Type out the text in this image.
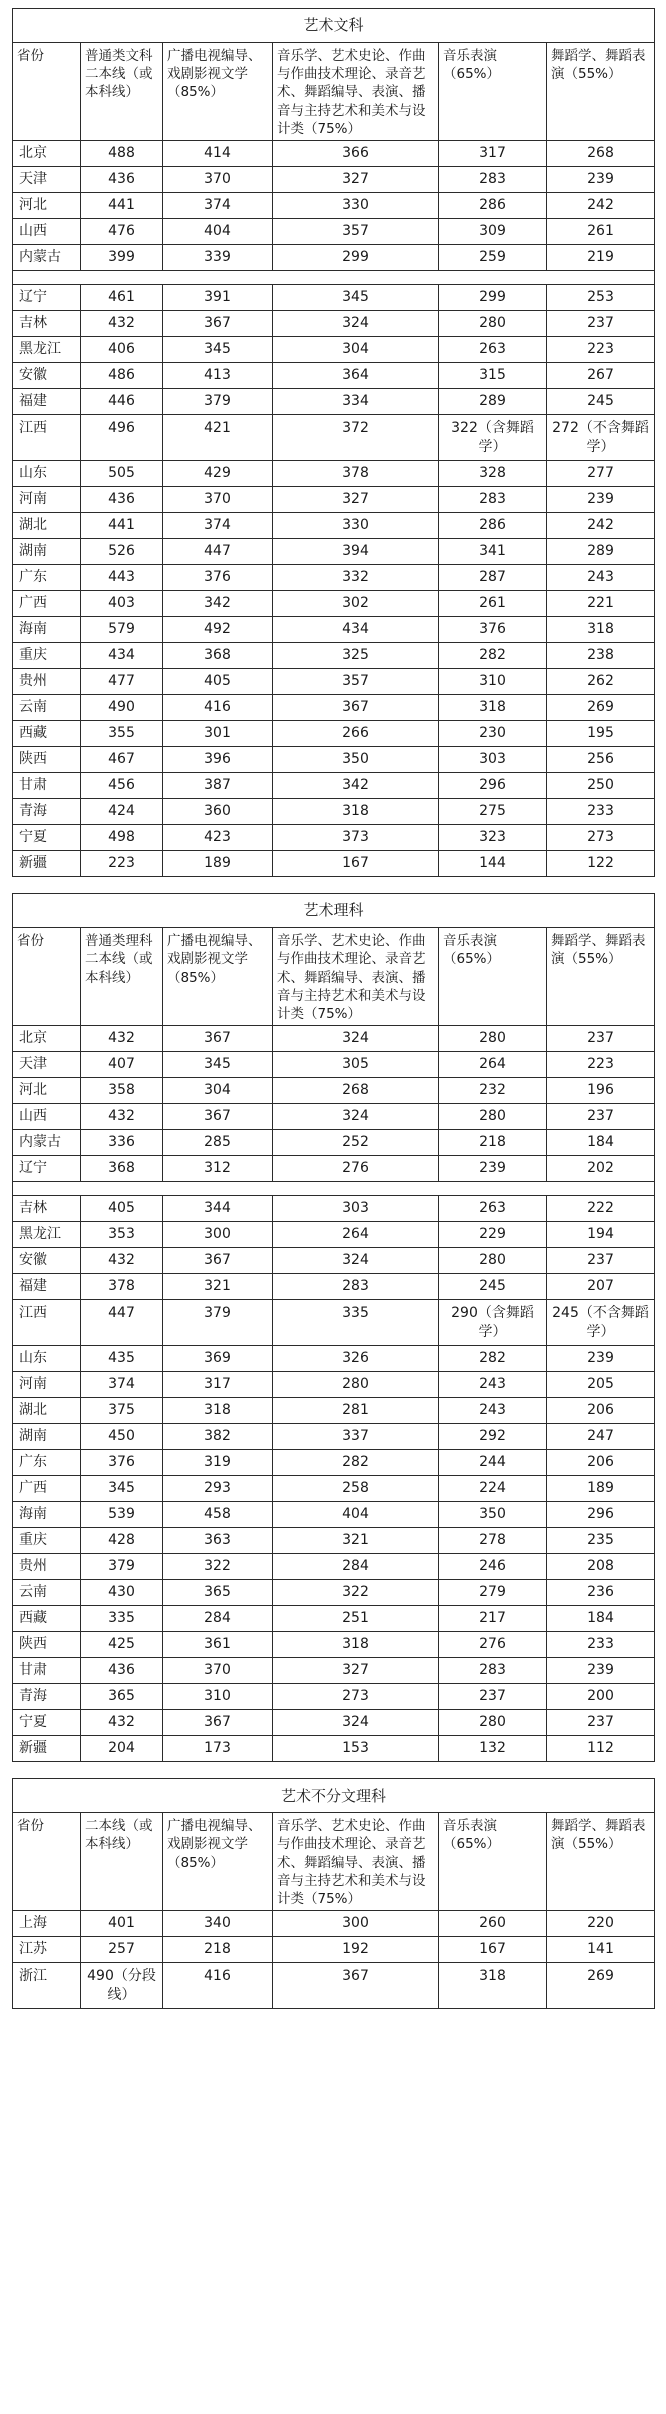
艺术文科					
省份	普通类文科二本线（或本科线）	广播电视编导、戏剧影视文学（85%）	音乐学、艺术史论、作曲与作曲技术理论、录音艺术、舞蹈编导、表演、播音与主持艺术和美术与设计类（75%）	音乐表演（65%）	舞蹈学、舞蹈表演（55%）
北京	488	414	366	317	268
天津	436	370	327	283	239
河北	441	374	330	286	242
山西	476	404	357	309	261
内蒙古	399	339	299	259	219

辽宁	461	391	345	299	253
吉林	432	367	324	280	237
黑龙江	406	345	304	263	223
安徽	486	413	364	315	267
福建	446	379	334	289	245
江西	496	421	372	322（含舞蹈学）	272（不含舞蹈学）
山东	505	429	378	328	277
河南	436	370	327	283	239
湖北	441	374	330	286	242
湖南	526	447	394	341	289
广东	443	376	332	287	243
广西	403	342	302	261	221
海南	579	492	434	376	318
重庆	434	368	325	282	238
贵州	477	405	357	310	262
云南	490	416	367	318	269
西藏	355	301	266	230	195
陕西	467	396	350	303	256
甘肃	456	387	342	296	250
青海	424	360	318	275	233
宁夏	498	423	373	323	273
新疆	223	189	167	144	122
艺术理科					
省份	普通类理科二本线（或本科线）	广播电视编导、戏剧影视文学（85%）	音乐学、艺术史论、作曲与作曲技术理论、录音艺术、舞蹈编导、表演、播音与主持艺术和美术与设计类（75%）	音乐表演（65%）	舞蹈学、舞蹈表演（55%）
北京	432	367	324	280	237
天津	407	345	305	264	223
河北	358	304	268	232	196
山西	432	367	324	280	237
内蒙古	336	285	252	218	184
辽宁	368	312	276	239	202

吉林	405	344	303	263	222
黑龙江	353	300	264	229	194
安徽	432	367	324	280	237
福建	378	321	283	245	207
江西	447	379	335	290（含舞蹈学）	245（不含舞蹈学）
山东	435	369	326	282	239
河南	374	317	280	243	205
湖北	375	318	281	243	206
湖南	450	382	337	292	247
广东	376	319	282	244	206
广西	345	293	258	224	189
海南	539	458	404	350	296
重庆	428	363	321	278	235
贵州	379	322	284	246	208
云南	430	365	322	279	236
西藏	335	284	251	217	184
陕西	425	361	318	276	233
甘肃	436	370	327	283	239
青海	365	310	273	237	200
宁夏	432	367	324	280	237
新疆	204	173	153	132	112
艺术不分文理科					
省份	二本线（或本科线）	广播电视编导、戏剧影视文学（85%）	音乐学、艺术史论、作曲与作曲技术理论、录音艺术、舞蹈编导、表演、播音与主持艺术和美术与设计类（75%）	音乐表演（65%）	舞蹈学、舞蹈表演（55%）
上海	401	340	300	260	220
江苏	257	218	192	167	141
浙江	490（分段线）	416	367	318	269
